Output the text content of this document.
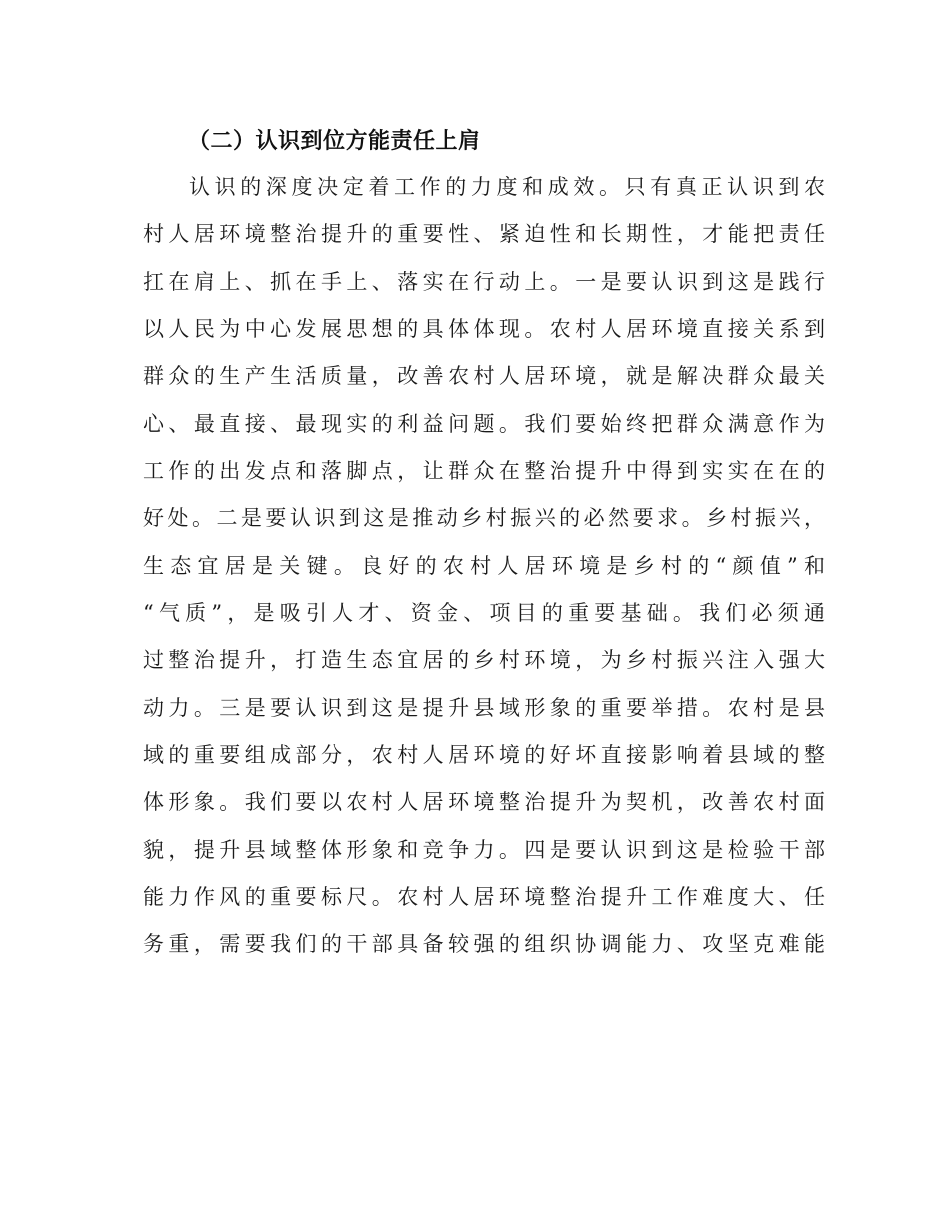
（二）认识到位方能责任上肩
认识的深度决定着工作的力度和成效。只有真正认识到农
村人居环境整治提升的重要性、紧迫性和长期性，才能把责任
扛在肩上、抓在手上、落实在行动上。一是要认识到这是践行
以人民为中心发展思想的具体体现。农村人居环境直接关系到
群众的生产生活质量，改善农村人居环境，就是解决群众最关
心、最直接、最现实的利益问题。我们要始终把群众满意作为
工作的出发点和落脚点，让群众在整治提升中得到实实在在的
好处。二是要认识到这是推动乡村振兴的必然要求。乡村振兴，
生态宜居是关键。良好的农村人居环境是乡村的“颜值”和
“气质”，是吸引人才、资金、项目的重要基础。我们必须通
过整治提升，打造生态宜居的乡村环境，为乡村振兴注入强大
动力。三是要认识到这是提升县域形象的重要举措。农村是县
域的重要组成部分，农村人居环境的好坏直接影响着县域的整
体形象。我们要以农村人居环境整治提升为契机，改善农村面
貌，提升县域整体形象和竞争力。四是要认识到这是检验干部
能力作风的重要标尺。农村人居环境整治提升工作难度大、任
务重，需要我们的干部具备较强的组织协调能力、攻坚克难能
